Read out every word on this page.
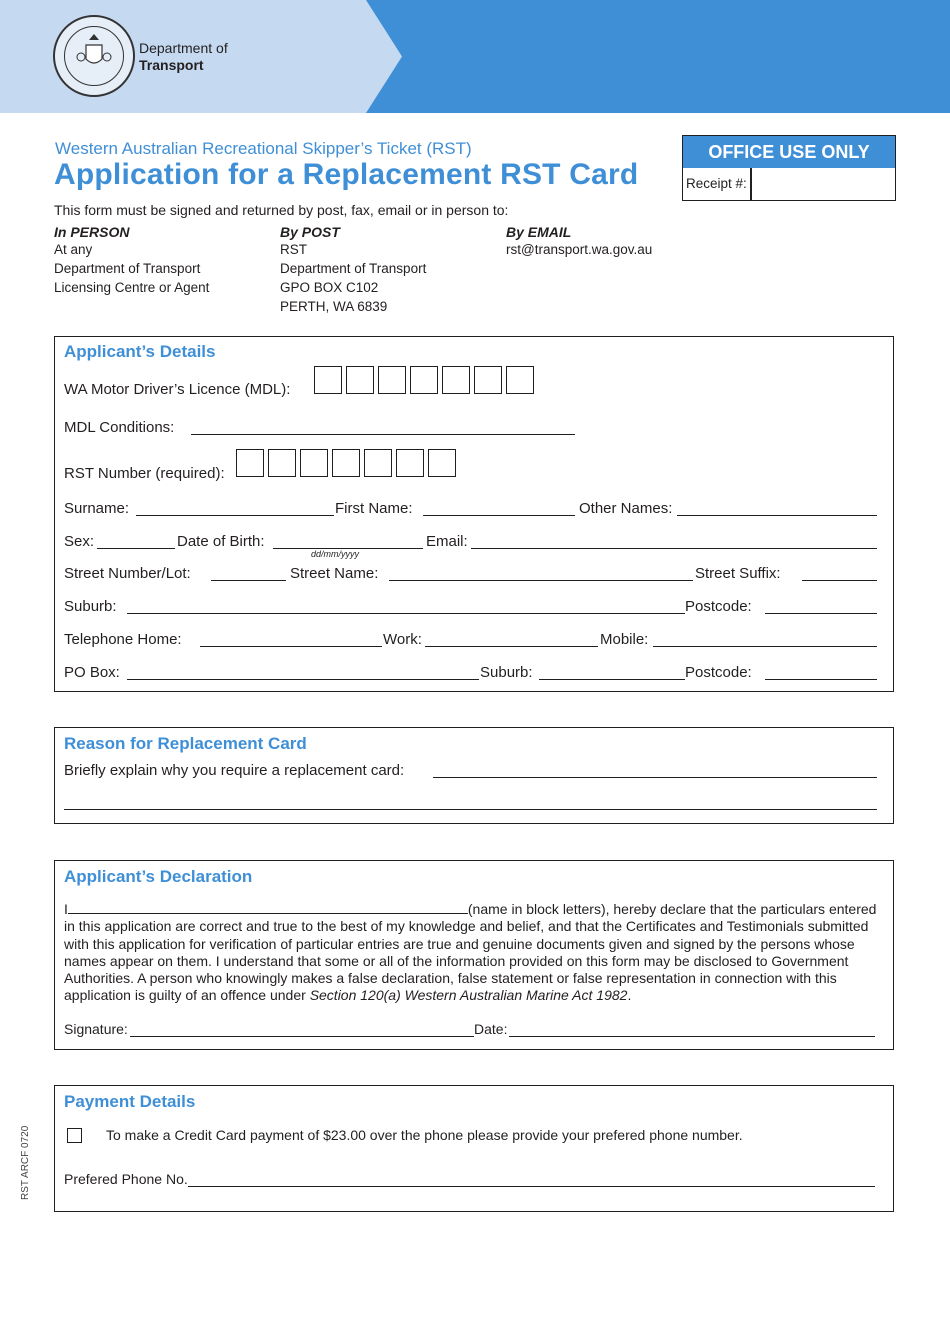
Department of
Transport
Western Australian Recreational Skipper’s Ticket (RST)
Application for a Replacement RST Card
This form must be signed and returned by post, fax, email or in person to:
In PERSON
At any
Department of Transport
Licensing Centre or Agent
By POST
RST
Department of Transport
GPO BOX C102
PERTH, WA 6839
By EMAIL
rst@transport.wa.gov.au
OFFICE USE ONLY
Receipt #:
Applicant’s Details
WA Motor Driver’s Licence (MDL):
MDL Conditions:
RST Number (required):
Surname:	First Name:	Other Names:
Sex:	Date of Birth:
dd/mm/yyyy
Email:
Street Number/Lot:	Street Name:	Street Suffix:
Suburb:	Postcode:
Telephone Home:	Work:	Mobile:
PO Box:	Suburb:	Postcode:
Reason for Replacement Card
Briefly explain why you require a replacement card:
Applicant’s Declaration
I	(name in block letters), hereby declare that the particulars entered in this application are correct and true to the best of my knowledge and belief, and that the Certificates and Testimonials submitted with this application for verification of particular entries are true and genuine documents given and signed by the persons whose names appear on them. I understand that some or all of the information provided on this form may be disclosed to Government Authorities. A person who knowingly makes a false declaration, false statement or false representation in connection with this application is guilty of an offence under Section 120(a) Western Australian Marine Act 1982.
Signature:	Date:
Payment Details
To make a Credit Card payment of $23.00 over the phone please provide your prefered phone number.
Prefered Phone No.
RST ARCF 0720
